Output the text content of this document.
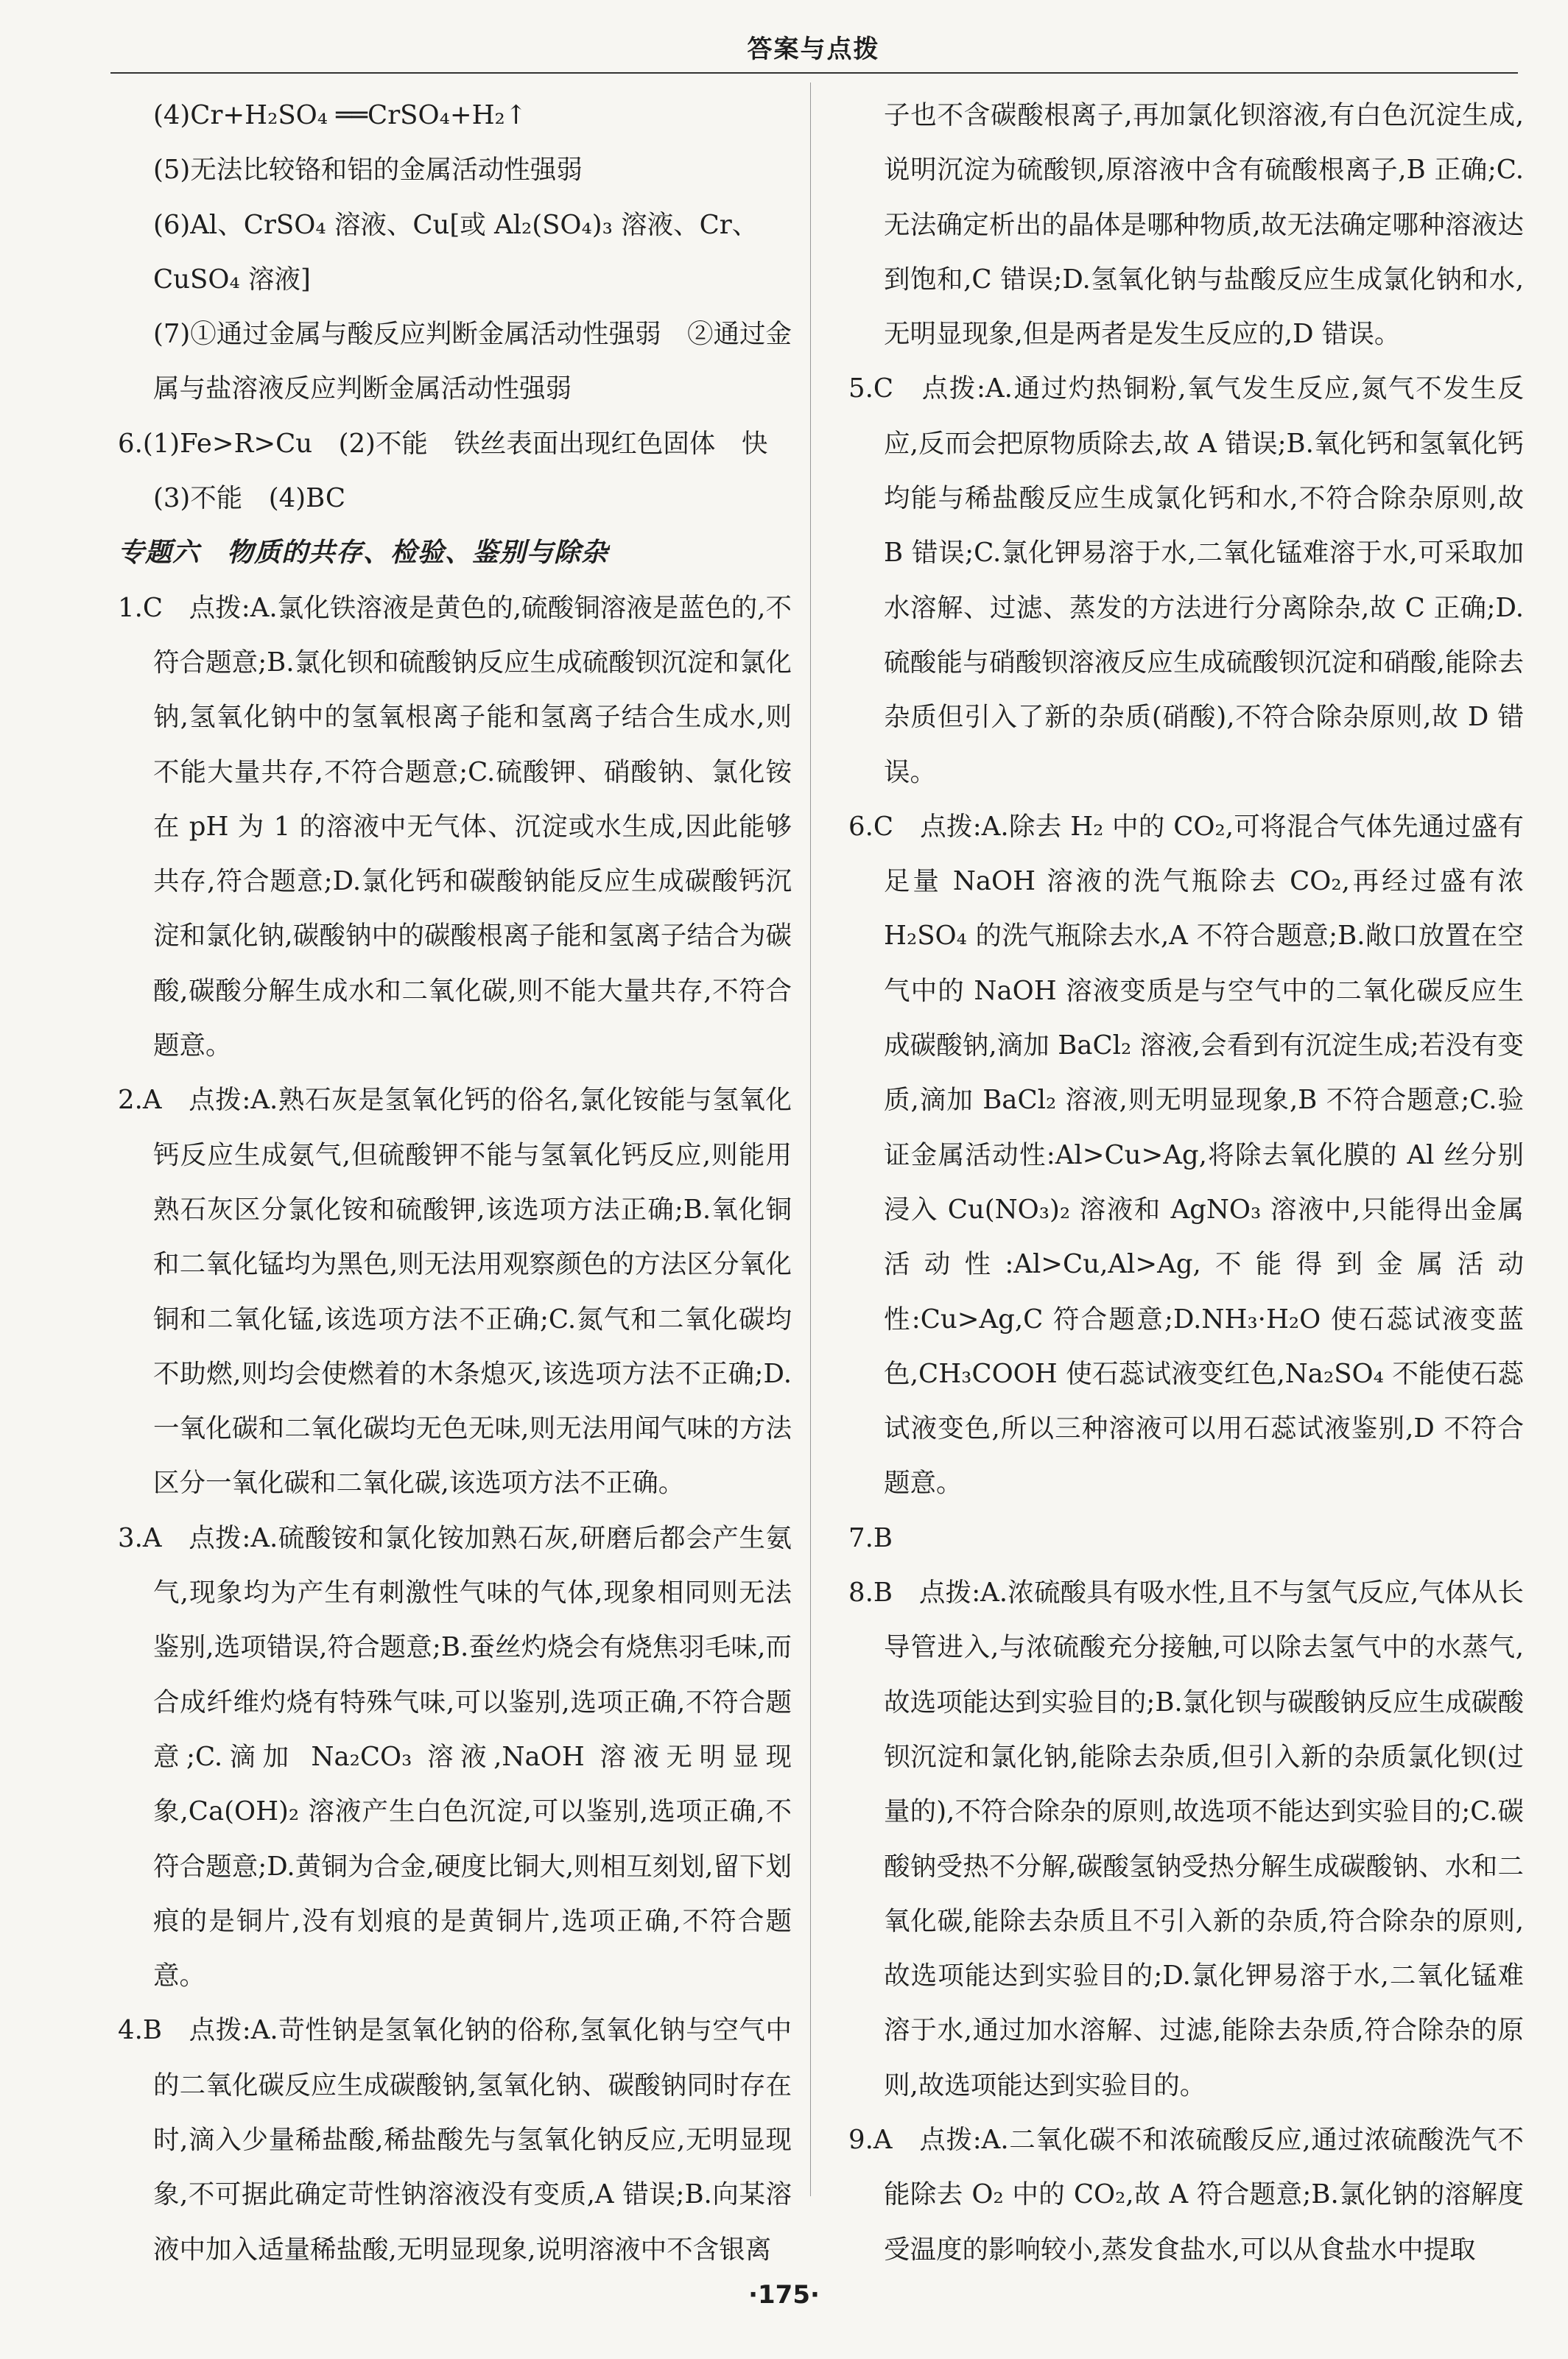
答案与点拨

(4)Cr+H₂SO₄ ══CrSO₄+H₂↑

(5)无法比较铬和铝的金属活动性强弱

(6)Al、CrSO₄ 溶液、Cu[或 Al₂(SO₄)₃ 溶液、Cr、CuSO₄ 溶液]

(7)①通过金属与酸反应判断金属活动性强弱　②通过金属与盐溶液反应判断金属活动性强弱

6.(1)Fe>R>Cu　(2)不能　铁丝表面出现红色固体　快

(3)不能　(4)BC

专题六　物质的共存、检验、鉴别与除杂

1.C　点拨:A.氯化铁溶液是黄色的,硫酸铜溶液是蓝色的,不符合题意;B.氯化钡和硫酸钠反应生成硫酸钡沉淀和氯化钠,氢氧化钠中的氢氧根离子能和氢离子结合生成水,则不能大量共存,不符合题意;C.硫酸钾、硝酸钠、氯化铵在 pH 为 1 的溶液中无气体、沉淀或水生成,因此能够共存,符合题意;D.氯化钙和碳酸钠能反应生成碳酸钙沉淀和氯化钠,碳酸钠中的碳酸根离子能和氢离子结合为碳酸,碳酸分解生成水和二氧化碳,则不能大量共存,不符合题意。

2.A　点拨:A.熟石灰是氢氧化钙的俗名,氯化铵能与氢氧化钙反应生成氨气,但硫酸钾不能与氢氧化钙反应,则能用熟石灰区分氯化铵和硫酸钾,该选项方法正确;B.氧化铜和二氧化锰均为黑色,则无法用观察颜色的方法区分氧化铜和二氧化锰,该选项方法不正确;C.氮气和二氧化碳均不助燃,则均会使燃着的木条熄灭,该选项方法不正确;D.一氧化碳和二氧化碳均无色无味,则无法用闻气味的方法区分一氧化碳和二氧化碳,该选项方法不正确。

3.A　点拨:A.硫酸铵和氯化铵加熟石灰,研磨后都会产生氨气,现象均为产生有刺激性气味的气体,现象相同则无法鉴别,选项错误,符合题意;B.蚕丝灼烧会有烧焦羽毛味,而合成纤维灼烧有特殊气味,可以鉴别,选项正确,不符合题意;C.滴加 Na₂CO₃ 溶液,NaOH 溶液无明显现象,Ca(OH)₂ 溶液产生白色沉淀,可以鉴别,选项正确,不符合题意;D.黄铜为合金,硬度比铜大,则相互刻划,留下划痕的是铜片,没有划痕的是黄铜片,选项正确,不符合题意。

4.B　点拨:A.苛性钠是氢氧化钠的俗称,氢氧化钠与空气中的二氧化碳反应生成碳酸钠,氢氧化钠、碳酸钠同时存在时,滴入少量稀盐酸,稀盐酸先与氢氧化钠反应,无明显现象,不可据此确定苛性钠溶液没有变质,A 错误;B.向某溶液中加入适量稀盐酸,无明显现象,说明溶液中不含银离

子也不含碳酸根离子,再加氯化钡溶液,有白色沉淀生成,说明沉淀为硫酸钡,原溶液中含有硫酸根离子,B 正确;C.无法确定析出的晶体是哪种物质,故无法确定哪种溶液达到饱和,C 错误;D.氢氧化钠与盐酸反应生成氯化钠和水,无明显现象,但是两者是发生反应的,D 错误。

5.C　点拨:A.通过灼热铜粉,氧气发生反应,氮气不发生反应,反而会把原物质除去,故 A 错误;B.氧化钙和氢氧化钙均能与稀盐酸反应生成氯化钙和水,不符合除杂原则,故 B 错误;C.氯化钾易溶于水,二氧化锰难溶于水,可采取加水溶解、过滤、蒸发的方法进行分离除杂,故 C 正确;D.硫酸能与硝酸钡溶液反应生成硫酸钡沉淀和硝酸,能除去杂质但引入了新的杂质(硝酸),不符合除杂原则,故 D 错误。

6.C　点拨:A.除去 H₂ 中的 CO₂,可将混合气体先通过盛有足量 NaOH 溶液的洗气瓶除去 CO₂,再经过盛有浓 H₂SO₄ 的洗气瓶除去水,A 不符合题意;B.敞口放置在空气中的 NaOH 溶液变质是与空气中的二氧化碳反应生成碳酸钠,滴加 BaCl₂ 溶液,会看到有沉淀生成;若没有变质,滴加 BaCl₂ 溶液,则无明显现象,B 不符合题意;C.验证金属活动性:Al>Cu>Ag,将除去氧化膜的 Al 丝分别浸入 Cu(NO₃)₂ 溶液和 AgNO₃ 溶液中,只能得出金属活动性:Al>Cu,Al>Ag,不能得到金属活动性:Cu>Ag,C 符合题意;D.NH₃·H₂O 使石蕊试液变蓝色,CH₃COOH 使石蕊试液变红色,Na₂SO₄ 不能使石蕊试液变色,所以三种溶液可以用石蕊试液鉴别,D 不符合题意。

7.B

8.B　点拨:A.浓硫酸具有吸水性,且不与氢气反应,气体从长导管进入,与浓硫酸充分接触,可以除去氢气中的水蒸气,故选项能达到实验目的;B.氯化钡与碳酸钠反应生成碳酸钡沉淀和氯化钠,能除去杂质,但引入新的杂质氯化钡(过量的),不符合除杂的原则,故选项不能达到实验目的;C.碳酸钠受热不分解,碳酸氢钠受热分解生成碳酸钠、水和二氧化碳,能除去杂质且不引入新的杂质,符合除杂的原则,故选项能达到实验目的;D.氯化钾易溶于水,二氧化锰难溶于水,通过加水溶解、过滤,能除去杂质,符合除杂的原则,故选项能达到实验目的。

9.A　点拨:A.二氧化碳不和浓硫酸反应,通过浓硫酸洗气不能除去 O₂ 中的 CO₂,故 A 符合题意;B.氯化钠的溶解度受温度的影响较小,蒸发食盐水,可以从食盐水中提取

·175·
